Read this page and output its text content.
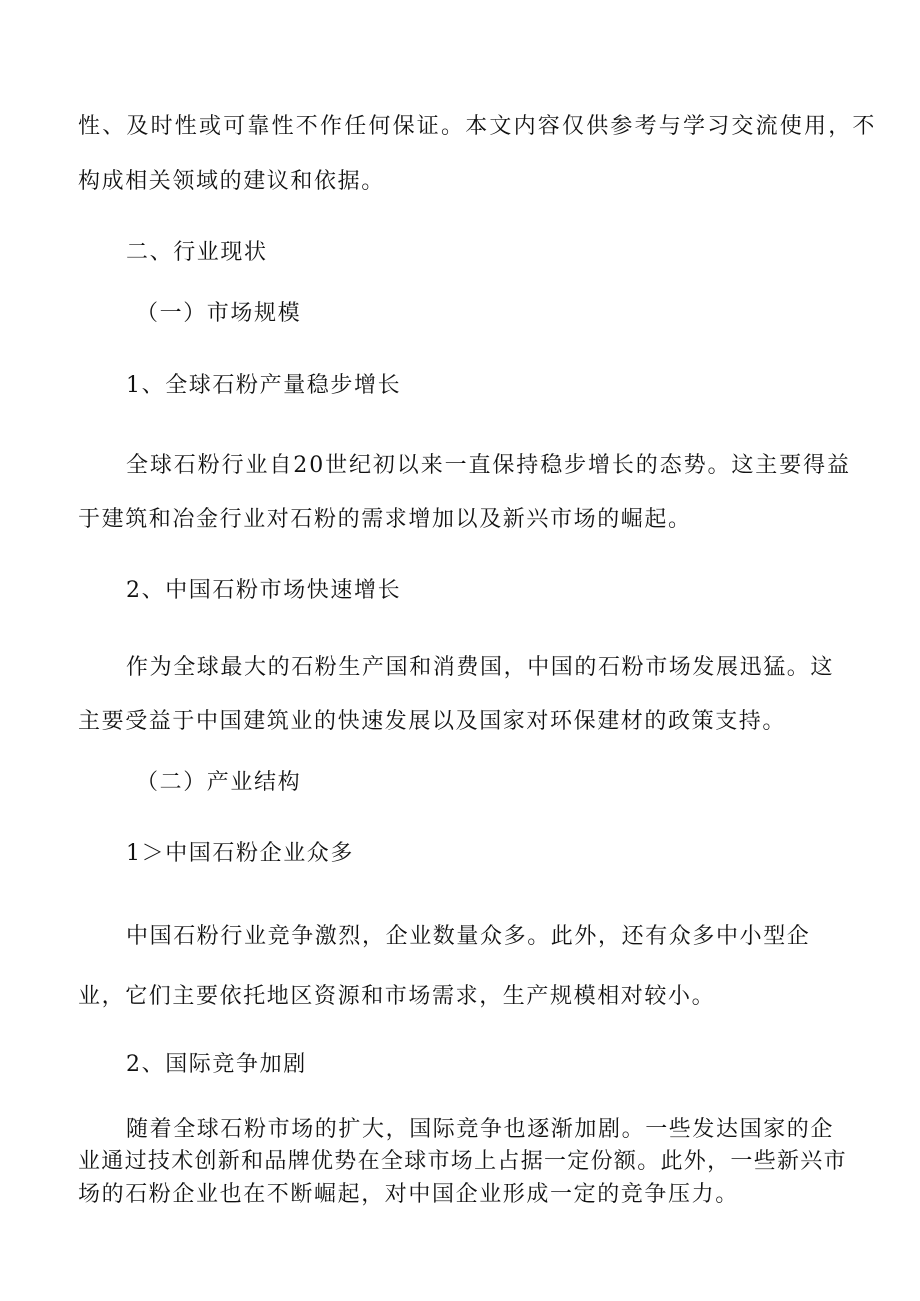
性、及时性或可靠性不作任何保证。本文内容仅供参考与学习交流使用，不
构成相关领域的建议和依据。
二、行业现状
（一）市场规模
1、全球石粉产量稳步增长
全球石粉行业自20世纪初以来一直保持稳步增长的态势。这主要得益
于建筑和冶金行业对石粉的需求增加以及新兴市场的崛起。
2、中国石粉市场快速增长
作为全球最大的石粉生产国和消费国，中国的石粉市场发展迅猛。这
主要受益于中国建筑业的快速发展以及国家对环保建材的政策支持。
（二）产业结构
1＞中国石粉企业众多
中国石粉行业竞争激烈，企业数量众多。此外，还有众多中小型企
业，它们主要依托地区资源和市场需求，生产规模相对较小。
2、国际竞争加剧
随着全球石粉市场的扩大，国际竞争也逐渐加剧。一些发达国家的企
业通过技术创新和品牌优势在全球市场上占据一定份额。此外，一些新兴市
场的石粉企业也在不断崛起，对中国企业形成一定的竞争压力。
